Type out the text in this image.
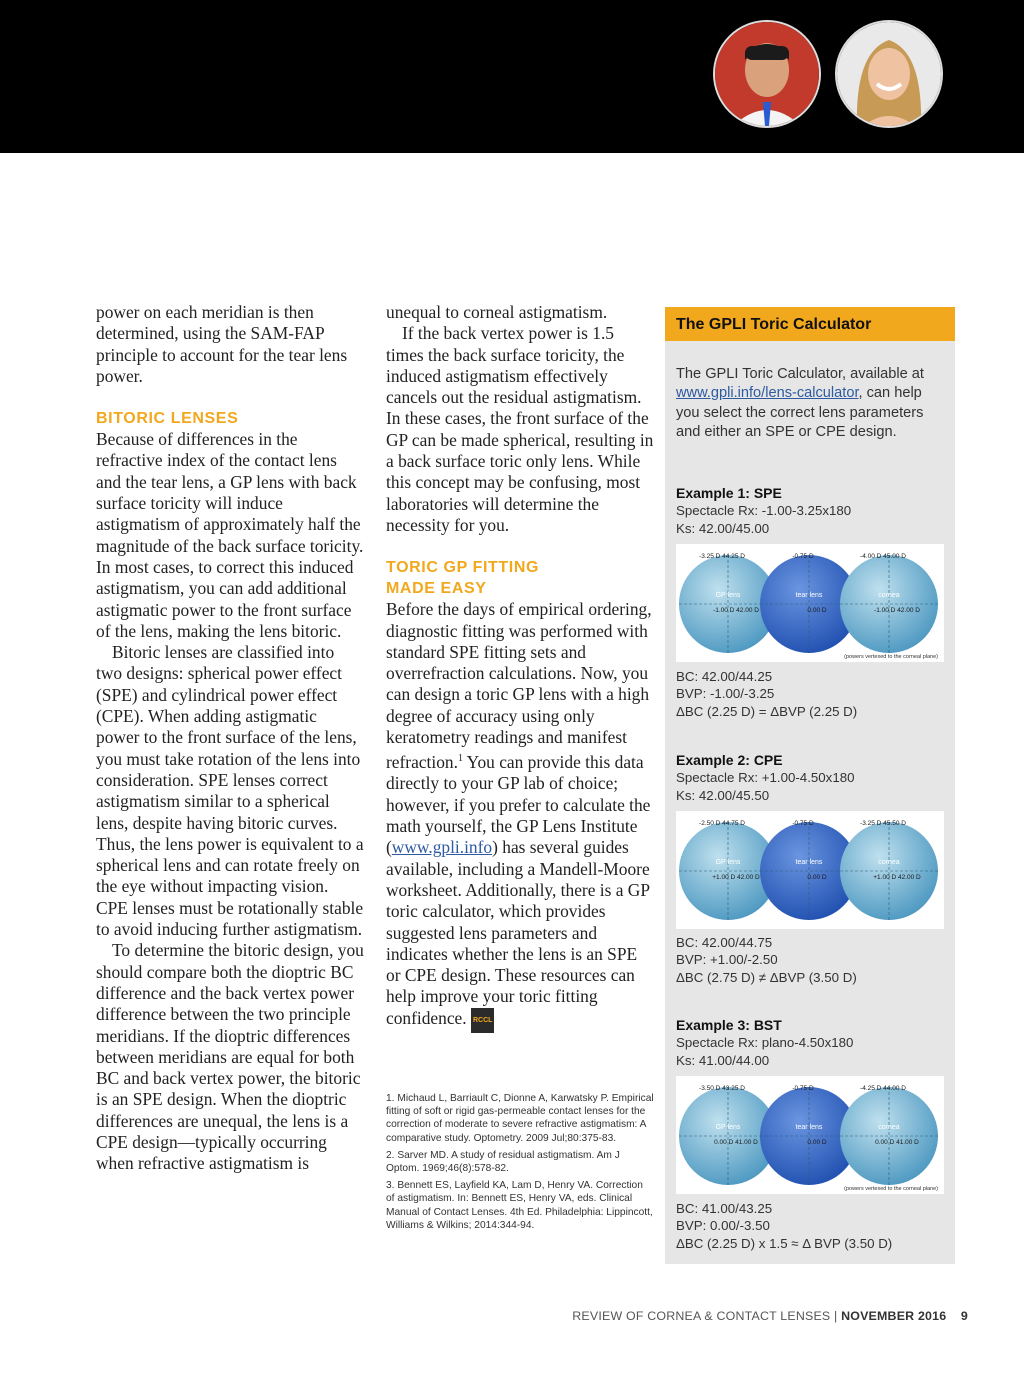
power on each meridian is then determined, using the SAM-FAP principle to account for the tear lens power.

BITORIC LENSES

Because of differences in the refractive index of the contact lens and the tear lens, a GP lens with back surface toricity will induce astigmatism of approximately half the magnitude of the back surface toricity. In most cases, to correct this induced astigmatism, you can add additional astigmatic power to the front surface of the lens, making the lens bitoric.

Bitoric lenses are classified into two designs: spherical power effect (SPE) and cylindrical power effect (CPE). When adding astigmatic power to the front surface of the lens, you must take rotation of the lens into consideration. SPE lenses correct astigmatism similar to a spherical lens, despite having bitoric curves. Thus, the lens power is equivalent to a spherical lens and can rotate freely on the eye without impacting vision. CPE lenses must be rotationally stable to avoid inducing further astigmatism.

To determine the bitoric design, you should compare both the dioptric BC difference and the back vertex power difference between the two principle meridians. If the dioptric differences between meridians are equal for both BC and back vertex power, the bitoric is an SPE design. When the dioptric differences are unequal, the lens is a CPE design—typically occurring when refractive astigmatism is

unequal to corneal astigmatism.

If the back vertex power is 1.5 times the back surface toricity, the induced astigmatism effectively cancels out the residual astigmatism. In these cases, the front surface of the GP can be made spherical, resulting in a back surface toric only lens. While this concept may be confusing, most laboratories will determine the necessity for you.

TORIC GP FITTING
MADE EASY

Before the days of empirical ordering, diagnostic fitting was performed with standard SPE fitting sets and overrefraction calculations. Now, you can design a toric GP lens with a high degree of accuracy using only keratometry readings and manifest refraction.$^1$ You can provide this data directly to your GP lab of choice; however, if you prefer to calculate the math yourself, the GP Lens Institute (www.gpli.info) has several guides available, including a Mandell-Moore worksheet. Additionally, there is a GP toric calculator, which provides suggested lens parameters and indicates whether the lens is an SPE or CPE design. These resources can help improve your toric fitting confidence. RCCL

1. Michaud L, Barriault C, Dionne A, Karwatsky P. Empirical fitting of soft or rigid gas-permeable contact lenses for the correction of moderate to severe refractive astigmatism: A comparative study. Optometry. 2009 Jul;80:375-83.

2. Sarver MD. A study of residual astigmatism. Am J Optom. 1969;46(8):578-82.

3. Bennett ES, Layfield KA, Lam D, Henry VA. Correction of astigmatism. In: Bennett ES, Henry VA, eds. Clinical Manual of Contact Lenses. 4th Ed. Philadelphia: Lippincott, Williams & Wilkins; 2014:344-94.

The GPLI Toric Calculator
The GPLI Toric Calculator, available at www.gpli.info/lens-calculator, can help you select the correct lens parameters and either an SPE or CPE design.
Example 1: SPE
Spectacle Rx: -1.00-3.25x180
Ks: 42.00/45.00
-3.25 D 44.25 D
GP lens
-1.00 D 42.00 D
-0.75 D
tear lens
0.00 D
-4.00 D 45.00 D
cornea
-1.00 D 42.00 D
(powers vertexed to the corneal plane)
BC: 42.00/44.25
BVP: -1.00/-3.25
ΔBC (2.25 D) = ΔBVP (2.25 D)
Example 2: CPE
Spectacle Rx: +1.00-4.50x180
Ks: 42.00/45.50
-2.50 D 44.75 D
GP lens
+1.00 D 42.00 D
-0.75 D
tear lens
0.00 D
-3.25 D 45.50 D
cornea
+1.00 D 42.00 D
BC: 42.00/44.75
BVP: +1.00/-2.50
ΔBC (2.75 D) ≠ ΔBVP (3.50 D)
Example 3: BST
Spectacle Rx: plano-4.50x180
Ks: 41.00/44.00
-3.50 D 43.25 D
GP lens
0.00 D 41.00 D
-0.75 D
tear lens
0.00 D
-4.25 D 44.00 D
cornea
0.00 D 41.00 D
(powers vertexed to the corneal plane)
BC: 41.00/43.25
BVP: 0.00/-3.50
ΔBC (2.25 D) x 1.5 ≈ Δ BVP (3.50 D)
REVIEW OF CORNEA & CONTACT LENSES | NOVEMBER 2016 9
